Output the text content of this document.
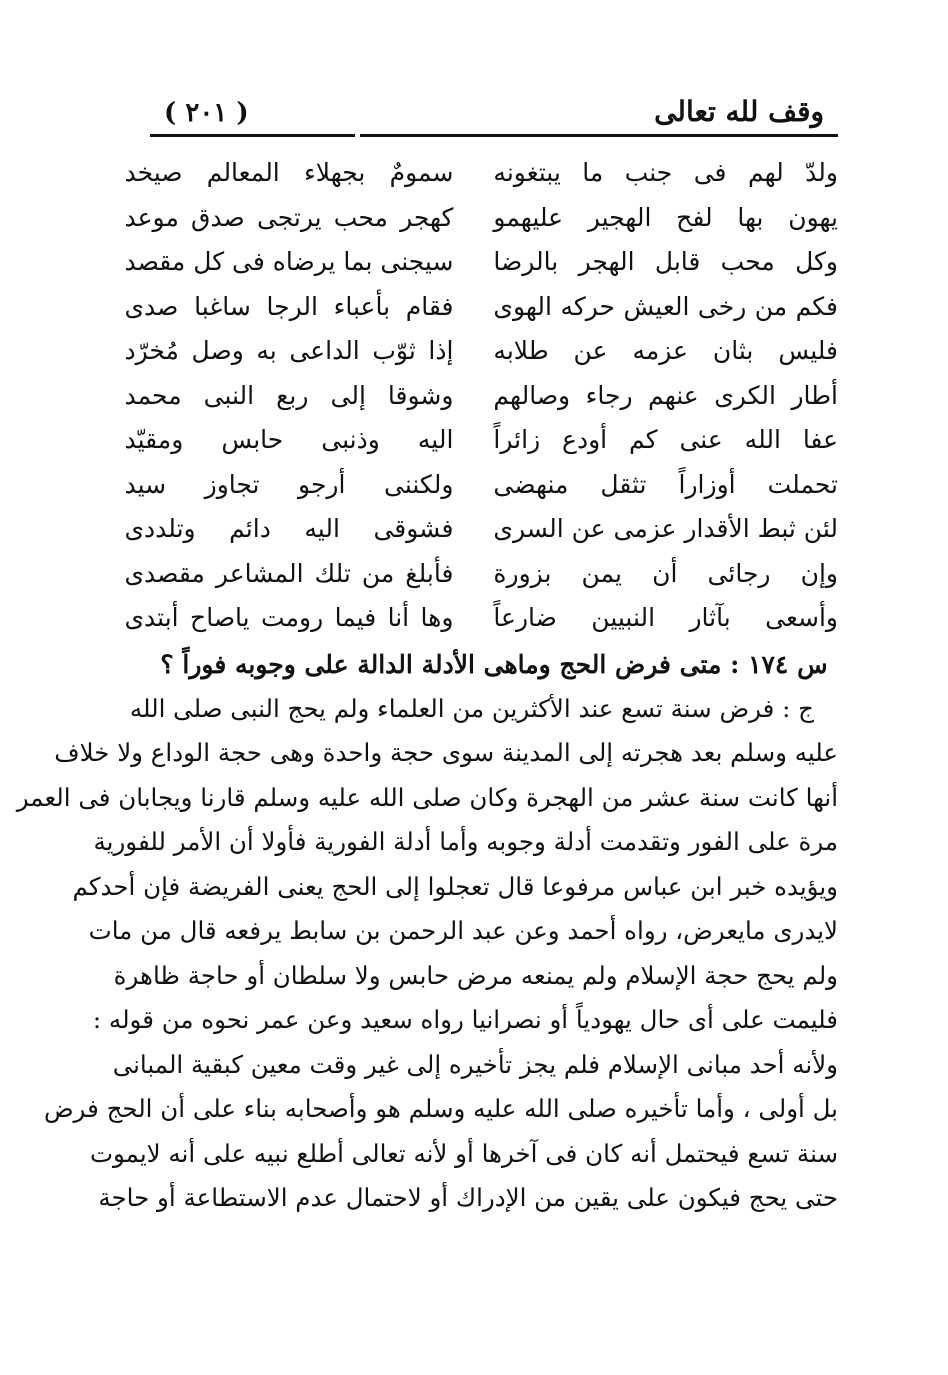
وقف لله تعالى
( ٢٠١ )
ولدّ لهم فى جنب ما يبتغونه
سمومٌ بجهلاء المعالم صيخد
يهون بها لفح الهجير عليهمو
كهجر محب يرتجى صدق موعد
وكل محب قابل الهجر بالرضا
سيجنى بما يرضاه فى كل مقصد
فكم من رخى العيش حركه الهوى
فقام بأعباء الرجا ساغبا صدى
فليس بثان عزمه عن طلابه
إذا ثوّب الداعى به وصل مُخرّد
أطار الكرى عنهم رجاء وصالهم
وشوقا إلى ربع النبى محمد
عفا الله عنى كم أودع زائراً
اليه وذنبى حابس ومقيّد
تحملت أوزاراً تثقل منهضى
ولكننى أرجو تجاوز سيد
لئن ثبط الأقدار عزمى عن السرى
فشوقى اليه دائم وتلددى
وإن رجائى أن يمن بزورة
فأبلغ من تلك المشاعر مقصدى
وأسعى بآثار النبيين ضارعاً
وها أنا فيما رومت ياصاح أبتدى
س ١٧٤ : متى فرض الحج وماهى الأدلة الدالة على وجوبه فوراً ؟

ج : فرض سنة تسع عند الأكثرين من العلماء ولم يحج النبى صلى الله

عليه وسلم بعد هجرته إلى المدينة سوى حجة واحدة وهى حجة الوداع ولا خلاف

أنها كانت سنة عشر من الهجرة وكان صلى الله عليه وسلم قارنا ويجابان فى العمر

مرة على الفور وتقدمت أدلة وجوبه وأما أدلة الفورية فأولا أن الأمر للفورية

ويؤيده خبر ابن عباس مرفوعا قال تعجلوا إلى الحج يعنى الفريضة فإن أحدكم

لايدرى مايعرض، رواه أحمد وعن عبد الرحمن بن سابط يرفعه قال من مات

ولم يحج حجة الإسلام ولم يمنعه مرض حابس ولا سلطان أو حاجة ظاهرة

فليمت على أى حال يهودياً أو نصرانيا رواه سعيد وعن عمر نحوه من قوله :

ولأنه أحد مبانى الإسلام فلم يجز تأخيره إلى غير وقت معين كبقية المبانى

بل أولى ، وأما تأخيره صلى الله عليه وسلم هو وأصحابه بناء على أن الحج فرض

سنة تسع فيحتمل أنه كان فى آخرها أو لأنه تعالى أطلع نبيه على أنه لايموت

حتى يحج فيكون على يقين من الإدراك أو لاحتمال عدم الاستطاعة أو حاجة
